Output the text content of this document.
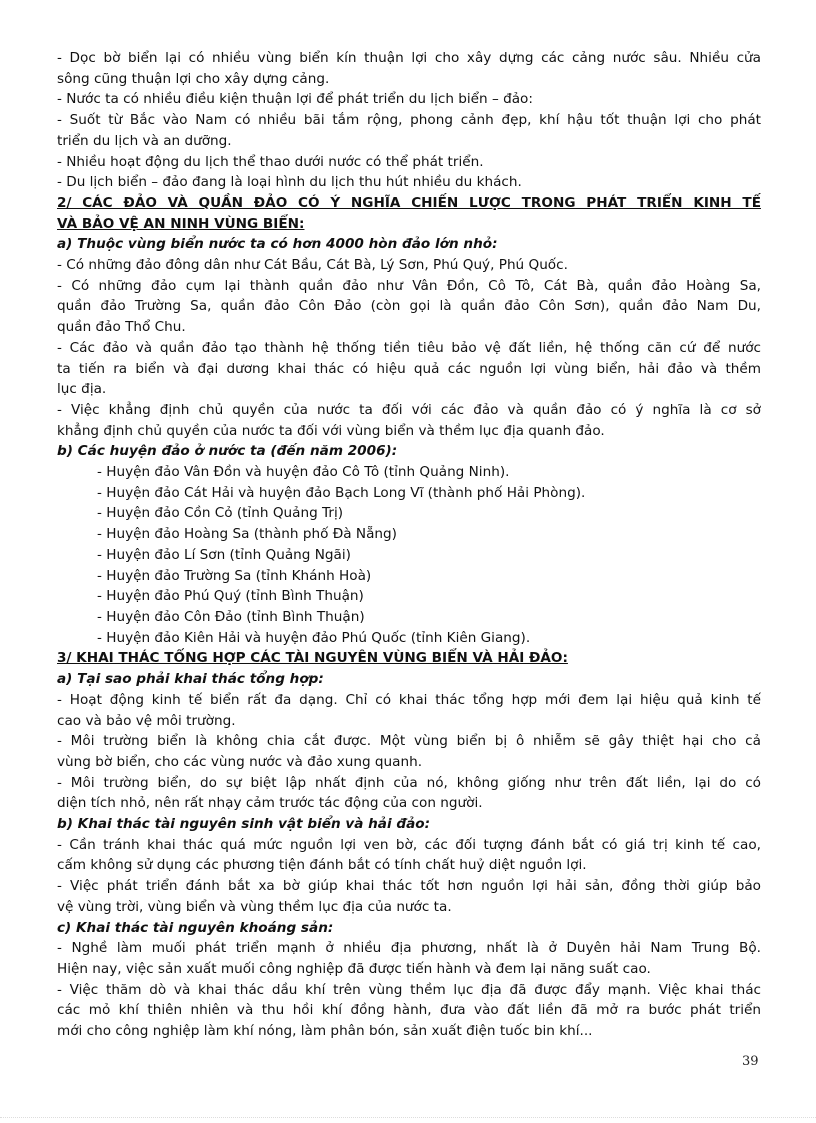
- Dọc bờ biển lại có nhiều vùng biển kín thuận lợi cho xây dựng các cảng nước sâu. Nhiều cửa
sông cũng thuận lợi cho xây dựng cảng.
- Nước ta có nhiều điều kiện thuận lợi để phát triển du lịch biển – đảo:
- Suốt từ Bắc vào Nam có nhiều bãi tắm rộng, phong cảnh đẹp, khí hậu tốt thuận lợi cho phát
triển du lịch và an dưỡng.
- Nhiều hoạt động du lịch thể thao dưới nước có thể phát triển.
- Du lịch biển – đảo đang là loại hình du lịch thu hút nhiều du khách.
2/ CÁC ĐẢO VÀ QUẦN ĐẢO CÓ Ý NGHĨA CHIẾN LƯỢC TRONG PHÁT TRIỂN KINH TẾ
VÀ BẢO VỆ AN NINH VÙNG BIỂN:
a) Thuộc vùng biển nước ta có hơn 4000 hòn đảo lớn nhỏ:
- Có những đảo đông dân như Cát Bầu, Cát Bà, Lý Sơn, Phú Quý, Phú Quốc.
- Có những đảo cụm lại thành quần đảo như Vân Đồn, Cô Tô, Cát Bà, quần đảo Hoàng Sa,
quần đảo Trường Sa, quần đảo Côn Đảo (còn gọi là quần đảo Côn Sơn), quần đảo Nam Du,
quần đảo Thổ Chu.
- Các đảo và quần đảo tạo thành hệ thống tiền tiêu bảo vệ đất liền, hệ thống căn cứ để nước
ta tiến ra biển và đại dương khai thác có hiệu quả các nguồn lợi vùng biển, hải đảo và thềm
lục địa.
- Việc khẳng định chủ quyền của nước ta đối với các đảo và quần đảo có ý nghĩa là cơ sở
khẳng định chủ quyền của nước ta đối với vùng biển và thềm lục địa quanh đảo.
b) Các huyện đảo ở nước ta (đến năm 2006):
- Huyện đảo Vân Đồn và huyện đảo Cô Tô (tỉnh Quảng Ninh).
- Huyện đảo Cát Hải và huyện đảo Bạch Long Vĩ (thành phố Hải Phòng).
- Huyện đảo Cồn Cỏ (tỉnh Quảng Trị)
- Huyện đảo Hoàng Sa (thành phố Đà Nẵng)
- Huyện đảo Lí Sơn (tỉnh Quảng Ngãi)
- Huyện đảo Trường Sa (tỉnh Khánh Hoà)
- Huyện đảo Phú Quý (tỉnh Bình Thuận)
- Huyện đảo Côn Đảo (tỉnh Bình Thuận)
- Huyện đảo Kiên Hải và huyện đảo Phú Quốc (tỉnh Kiên Giang).
3/ KHAI THÁC TỔNG HỢP CÁC TÀI NGUYÊN VÙNG BIỂN VÀ HẢI ĐẢO:
a) Tại sao phải khai thác tổng hợp:
- Hoạt động kinh tế biển rất đa dạng. Chỉ có khai thác tổng hợp mới đem lại hiệu quả kinh tế
cao và bảo vệ môi trường.
- Môi trường biển là không chia cắt được. Một vùng biển bị ô nhiễm sẽ gây thiệt hại cho cả
vùng bờ biển, cho các vùng nước và đảo xung quanh.
- Môi trường biển, do sự biệt lập nhất định của nó, không giống như trên đất liền, lại do có
diện tích nhỏ, nên rất nhạy cảm trước tác động của con người.
b) Khai thác tài nguyên sinh vật biển và hải đảo:
- Cần tránh khai thác quá mức nguồn lợi ven bờ, các đối tượng đánh bắt có giá trị kinh tế cao,
cấm không sử dụng các phương tiện đánh bắt có tính chất huỷ diệt nguồn lợi.
- Việc phát triển đánh bắt xa bờ giúp khai thác tốt hơn nguồn lợi hải sản, đồng thời giúp bảo
vệ vùng trời, vùng biển và vùng thềm lục địa của nước ta.
c) Khai thác tài nguyên khoáng sản:
- Nghề làm muối phát triển mạnh ở nhiều địa phương, nhất là ở Duyên hải Nam Trung Bộ.
Hiện nay, việc sản xuất muối công nghiệp đã được tiến hành và đem lại năng suất cao.
- Việc thăm dò và khai thác dầu khí trên vùng thềm lục địa đã được đẩy mạnh. Việc khai thác
các mỏ khí thiên nhiên và thu hồi khí đồng hành, đưa vào đất liền đã mở ra bước phát triển
mới cho công nghiệp làm khí nóng, làm phân bón, sản xuất điện tuốc bin khí...
39
